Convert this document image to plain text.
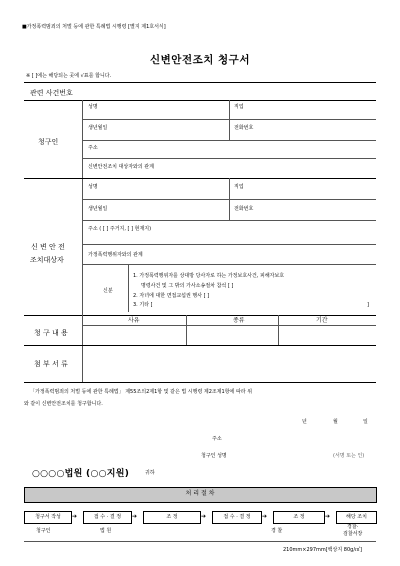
■가정폭력범죄의 처벌 등에 관한 특례법 시행령 [별지 제1호서식]
신변안전조치 청구서
※ [ ]에는 해당되는 곳에 √표를 합니다.
관련 사건번호
청구인
성명	직업
생년월일	전화번호
주소
신변안전조치 대상자와의 관계
신 변 안 전
조치대상자
성명	직업
생년월일	전화번호
주소 ( [ ] 주거지, [ ] 현재지)
가정폭력행위자와의 관계
신분
1. 가정폭력행위자를 상대방 당사자로 하는 가정보호사건, 피해자보호
명령사건 및 그 밖의 가사소송절차 참석 [ ]
2. 자녀에 대한 면접교섭권 행사 [ ]
3. 기타 [	]
사유	종류	기간
청 구 내 용
첨 부 서 류
「가정폭력범죄의 처벌 등에 관한 특례법」 제55조의2제1항 및 같은 법 시행령 제2조제1항에 따라 위
와 같이 신변안전조치를 청구합니다.
년	월	일
주소
청구인 성명	(서명 또는 인)
○○○○법원 (○○지원)	귀하
처 리 절 차
청구서 작성	➔	접 수 · 결 정	➔	조 정	➔	접 수 · 결 정	➔	조 정	➔	해당 조치
청구인	법 원	경 찰
경찰·
검찰서장
210mm×297mm[백상지 80g/㎡]
